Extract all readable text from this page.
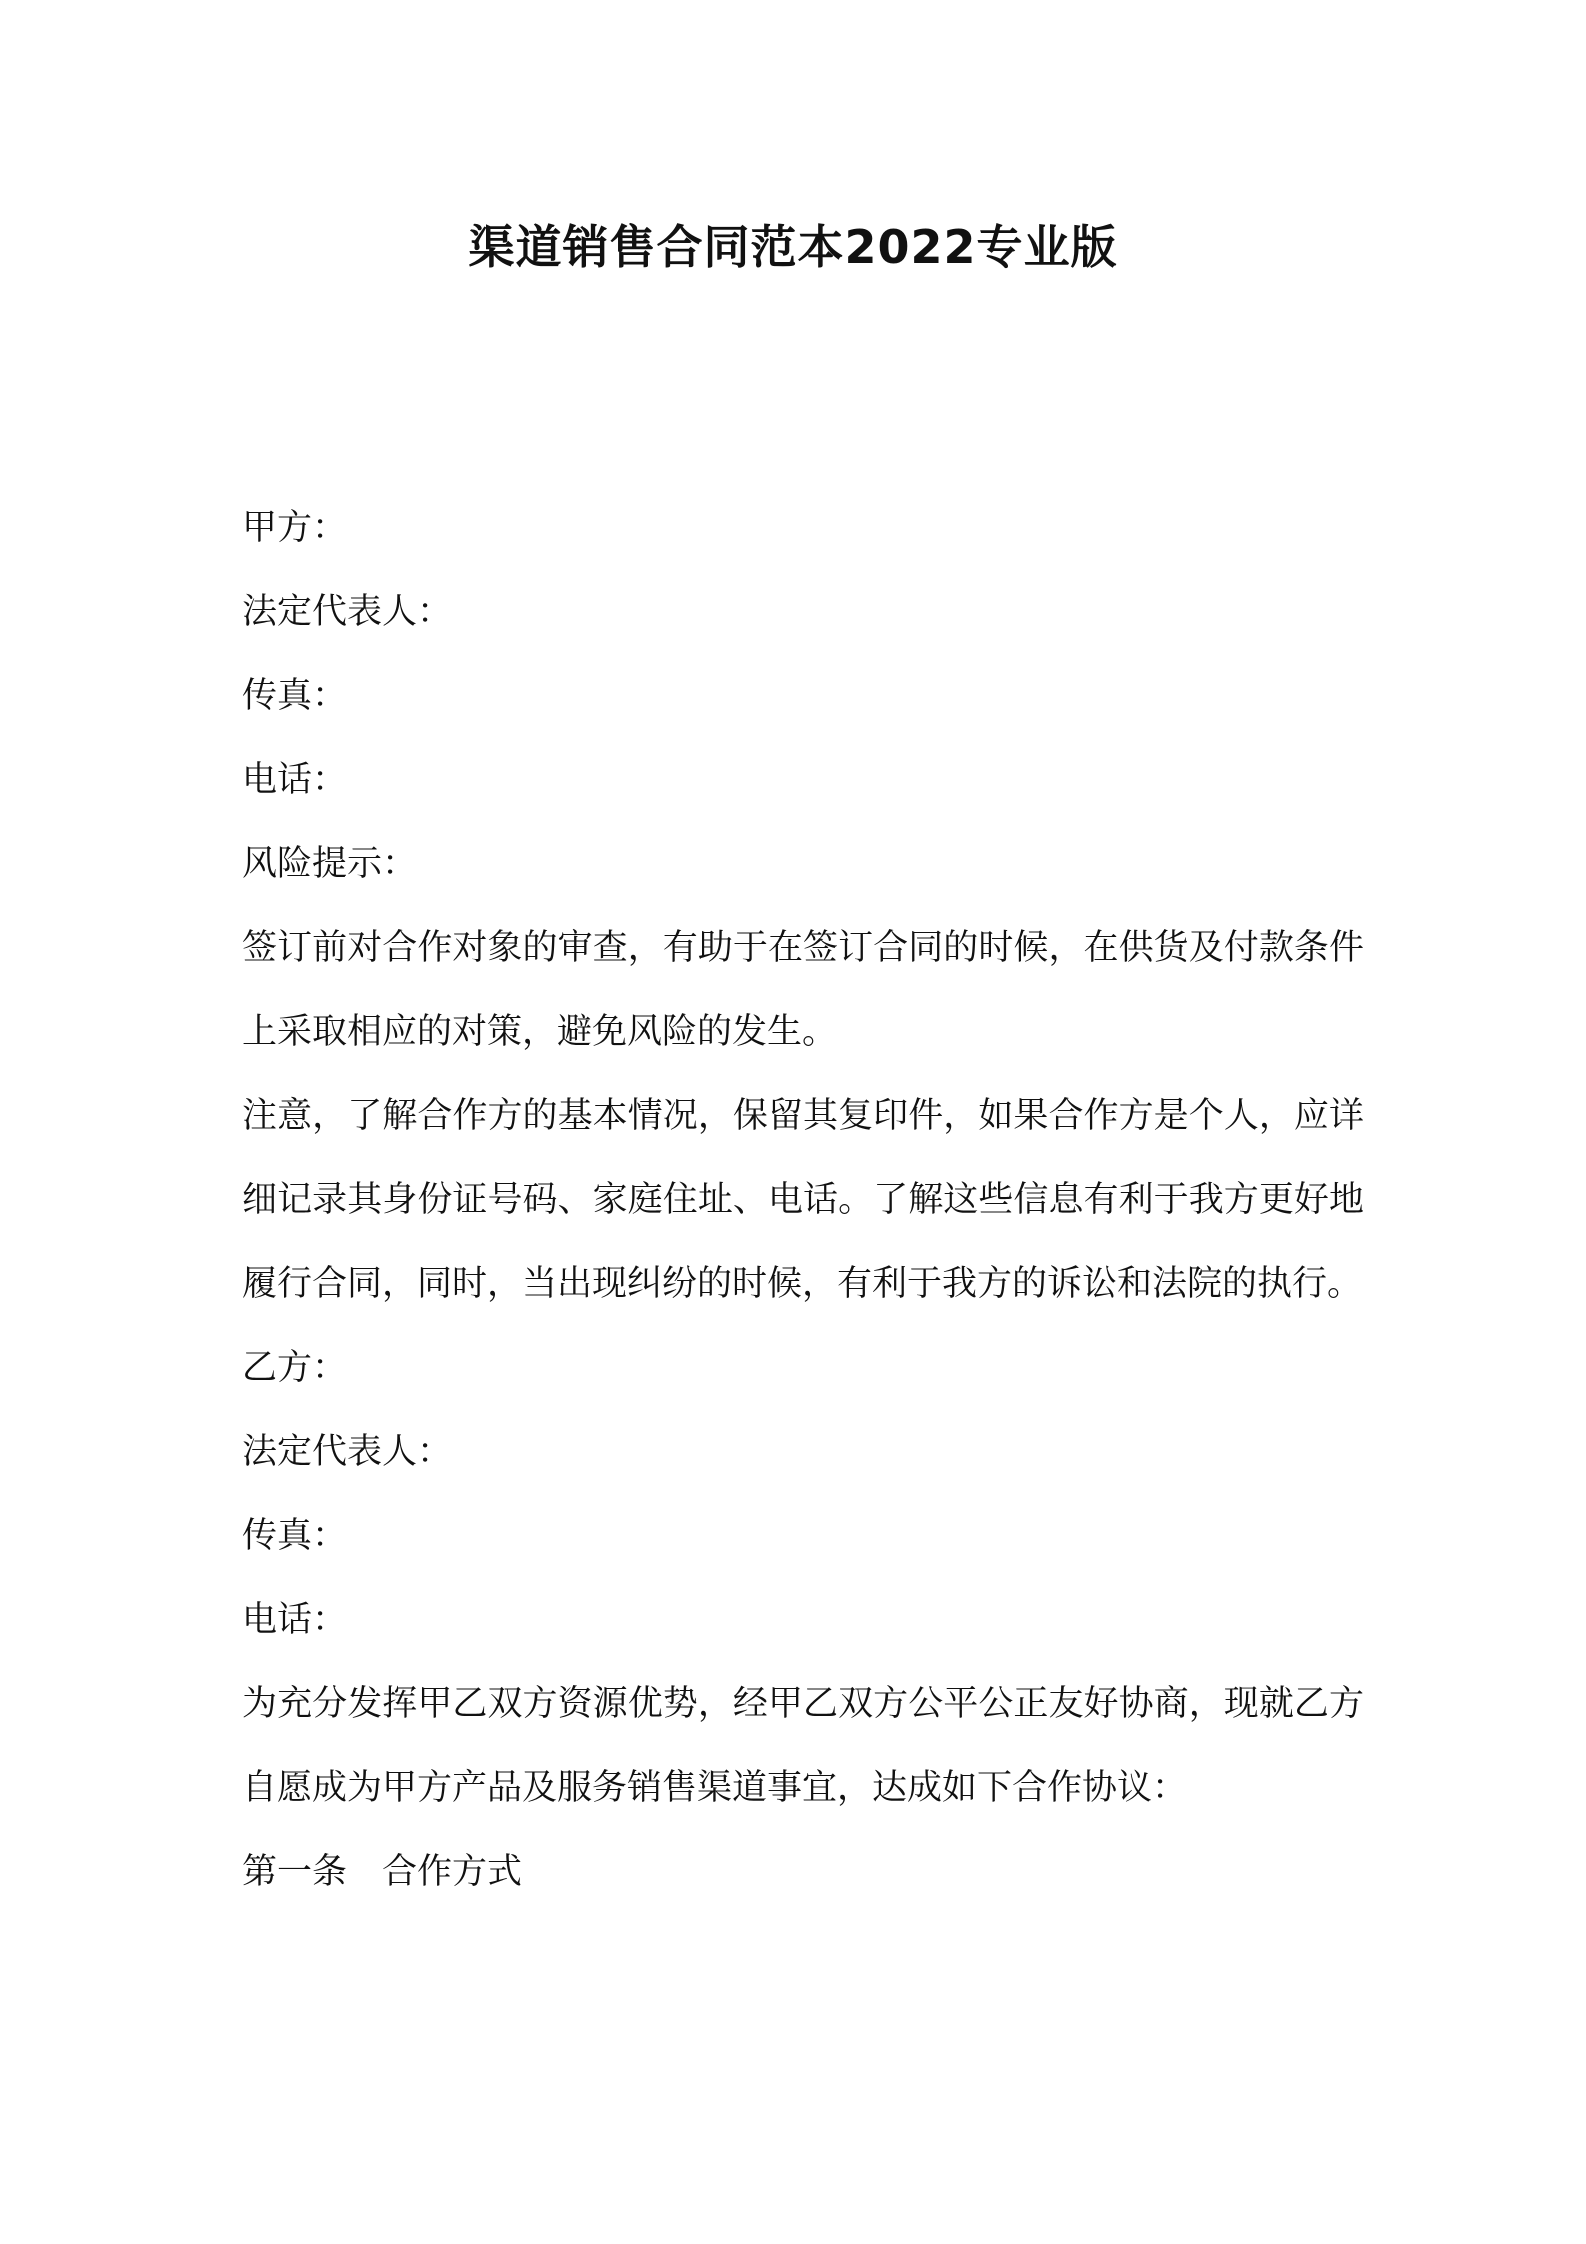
渠道销售合同范本2022专业版
甲方：
法定代表人：
传真：
电话：
风险提示：
签订前对合作对象的审查，有助于在签订合同的时候，在供货及付款条件上采取相应的对策，避免风险的发生。
注意，了解合作方的基本情况，保留其复印件，如果合作方是个人，应详细记录其身份证号码、家庭住址、电话。了解这些信息有利于我方更好地履行合同，同时，当出现纠纷的时候，有利于我方的诉讼和法院的执行。
乙方：
法定代表人：
传真：
电话：
为充分发挥甲乙双方资源优势，经甲乙双方公平公正友好协商，现就乙方自愿成为甲方产品及服务销售渠道事宜，达成如下合作协议：
第一条　合作方式
